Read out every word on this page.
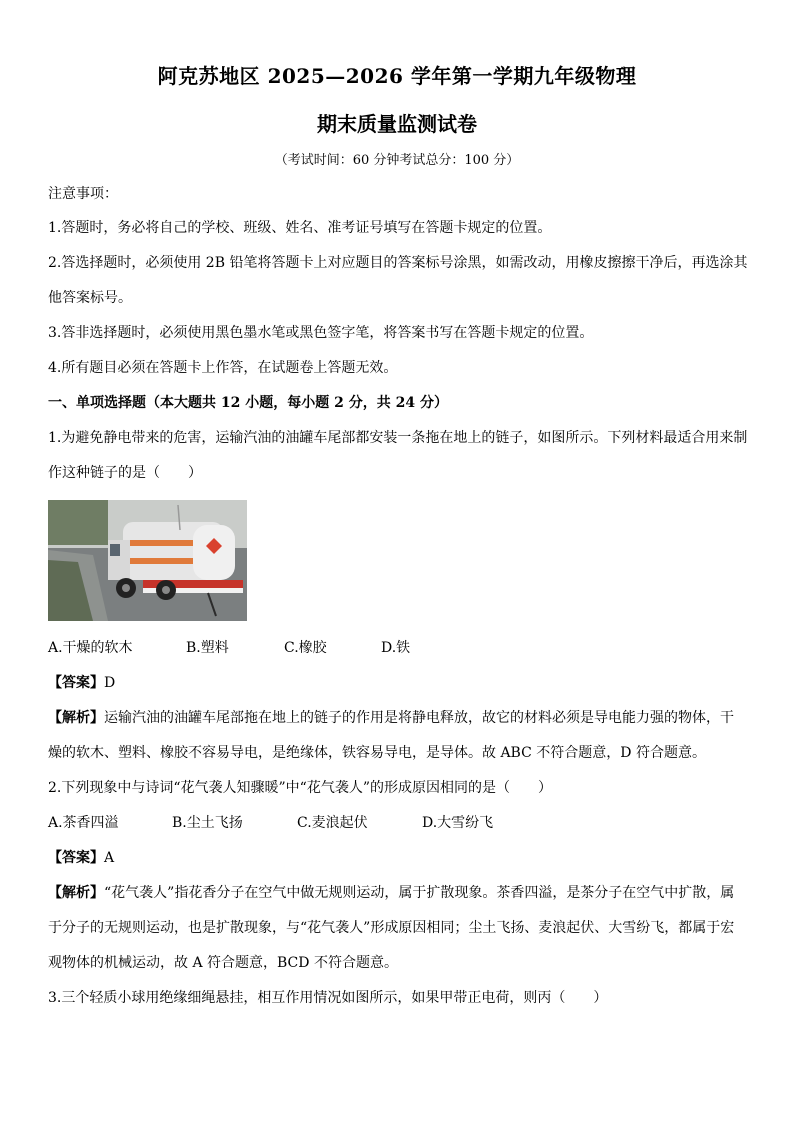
阿克苏地区 2025—2026 学年第一学期九年级物理
期末质量监测试卷
（考试时间：60 分钟考试总分：100 分）
注意事项：
1.答题时，务必将自己的学校、班级、姓名、准考证号填写在答题卡规定的位置。
2.答选择题时，必须使用 2B 铅笔将答题卡上对应题目的答案标号涂黑，如需改动，用橡皮擦擦干净后，再选涂其
他答案标号。
3.答非选择题时，必须使用黑色墨水笔或黑色签字笔，将答案书写在答题卡规定的位置。
4.所有题目必须在答题卡上作答，在试题卷上答题无效。
一、单项选择题（本大题共 12 小题，每小题 2 分，共 24 分）
1.为避免静电带来的危害，运输汽油的油罐车尾部都安装一条拖在地上的链子，如图所示。下列材料最适合用来制
作这种链子的是（　　）
A.干燥的软木	B.塑料	C.橡胶	D.铁
【答案】D
【解析】运输汽油的油罐车尾部拖在地上的链子的作用是将静电释放，故它的材料必须是导电能力强的物体，干
燥的软木、塑料、橡胶不容易导电，是绝缘体，铁容易导电，是导体。故 ABC 不符合题意，D 符合题意。
2.下列现象中与诗词“花气袭人知骤暖”中“花气袭人”的形成原因相同的是（　　）
A.茶香四溢	B.尘土飞扬	C.麦浪起伏	D.大雪纷飞
【答案】A
【解析】“花气袭人”指花香分子在空气中做无规则运动，属于扩散现象。茶香四溢，是茶分子在空气中扩散，属
于分子的无规则运动，也是扩散现象，与“花气袭人”形成原因相同；尘土飞扬、麦浪起伏、大雪纷飞，都属于宏
观物体的机械运动，故 A 符合题意，BCD 不符合题意。
3.三个轻质小球用绝缘细绳悬挂，相互作用情况如图所示，如果甲带正电荷，则丙（　　）
